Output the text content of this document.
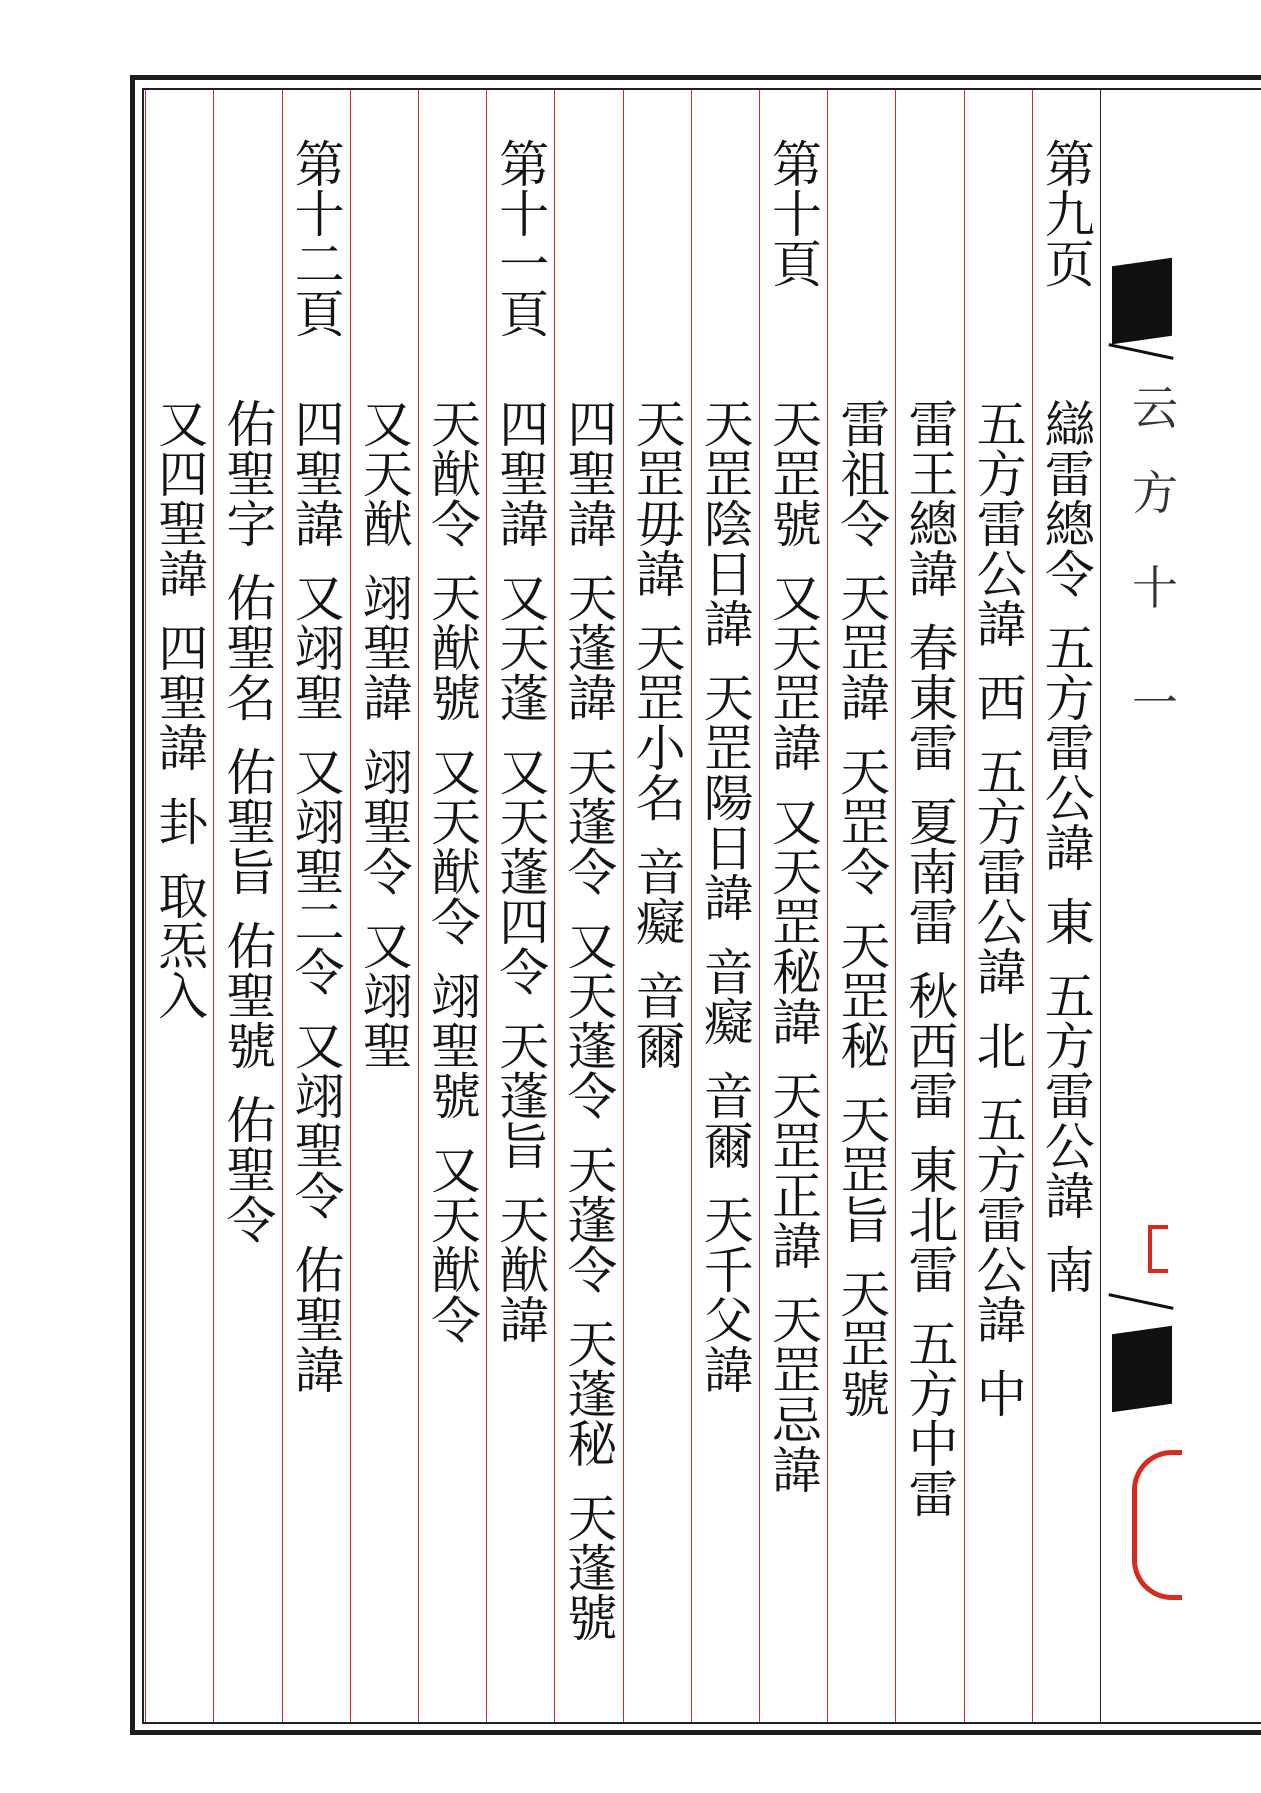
云
方
十
一
第九页
䜌雷總令五方雷公諱東五方雷公諱南
五方雷公諱西五方雷公諱北五方雷公諱中
雷王總諱春東雷夏南雷秋西雷東北雷五方中雷
雷祖令天罡諱天罡令天罡秘天罡旨天罡號
第十頁
天罡號又天罡諱又天罡秘諱天罡正諱天罡忌諱
天罡陰日諱天罡陽日諱音癡音爾天千父諱
天罡毋諱天罡小名音癡音爾
四聖諱天蓬諱天蓬令又天蓬令天蓬令天蓬秘天蓬號
第十一頁
四聖諱又天蓬又天蓬四令天蓬旨天猷諱
天猷令天猷號又天猷令翊聖號又天猷令
又天猷翊聖諱翊聖令又翊聖
第十二頁
四聖諱又翊聖又翊聖二令又翊聖令佑聖諱
佑聖字佑聖名佑聖旨佑聖號佑聖令
又四聖諱四聖諱卦取炁入
